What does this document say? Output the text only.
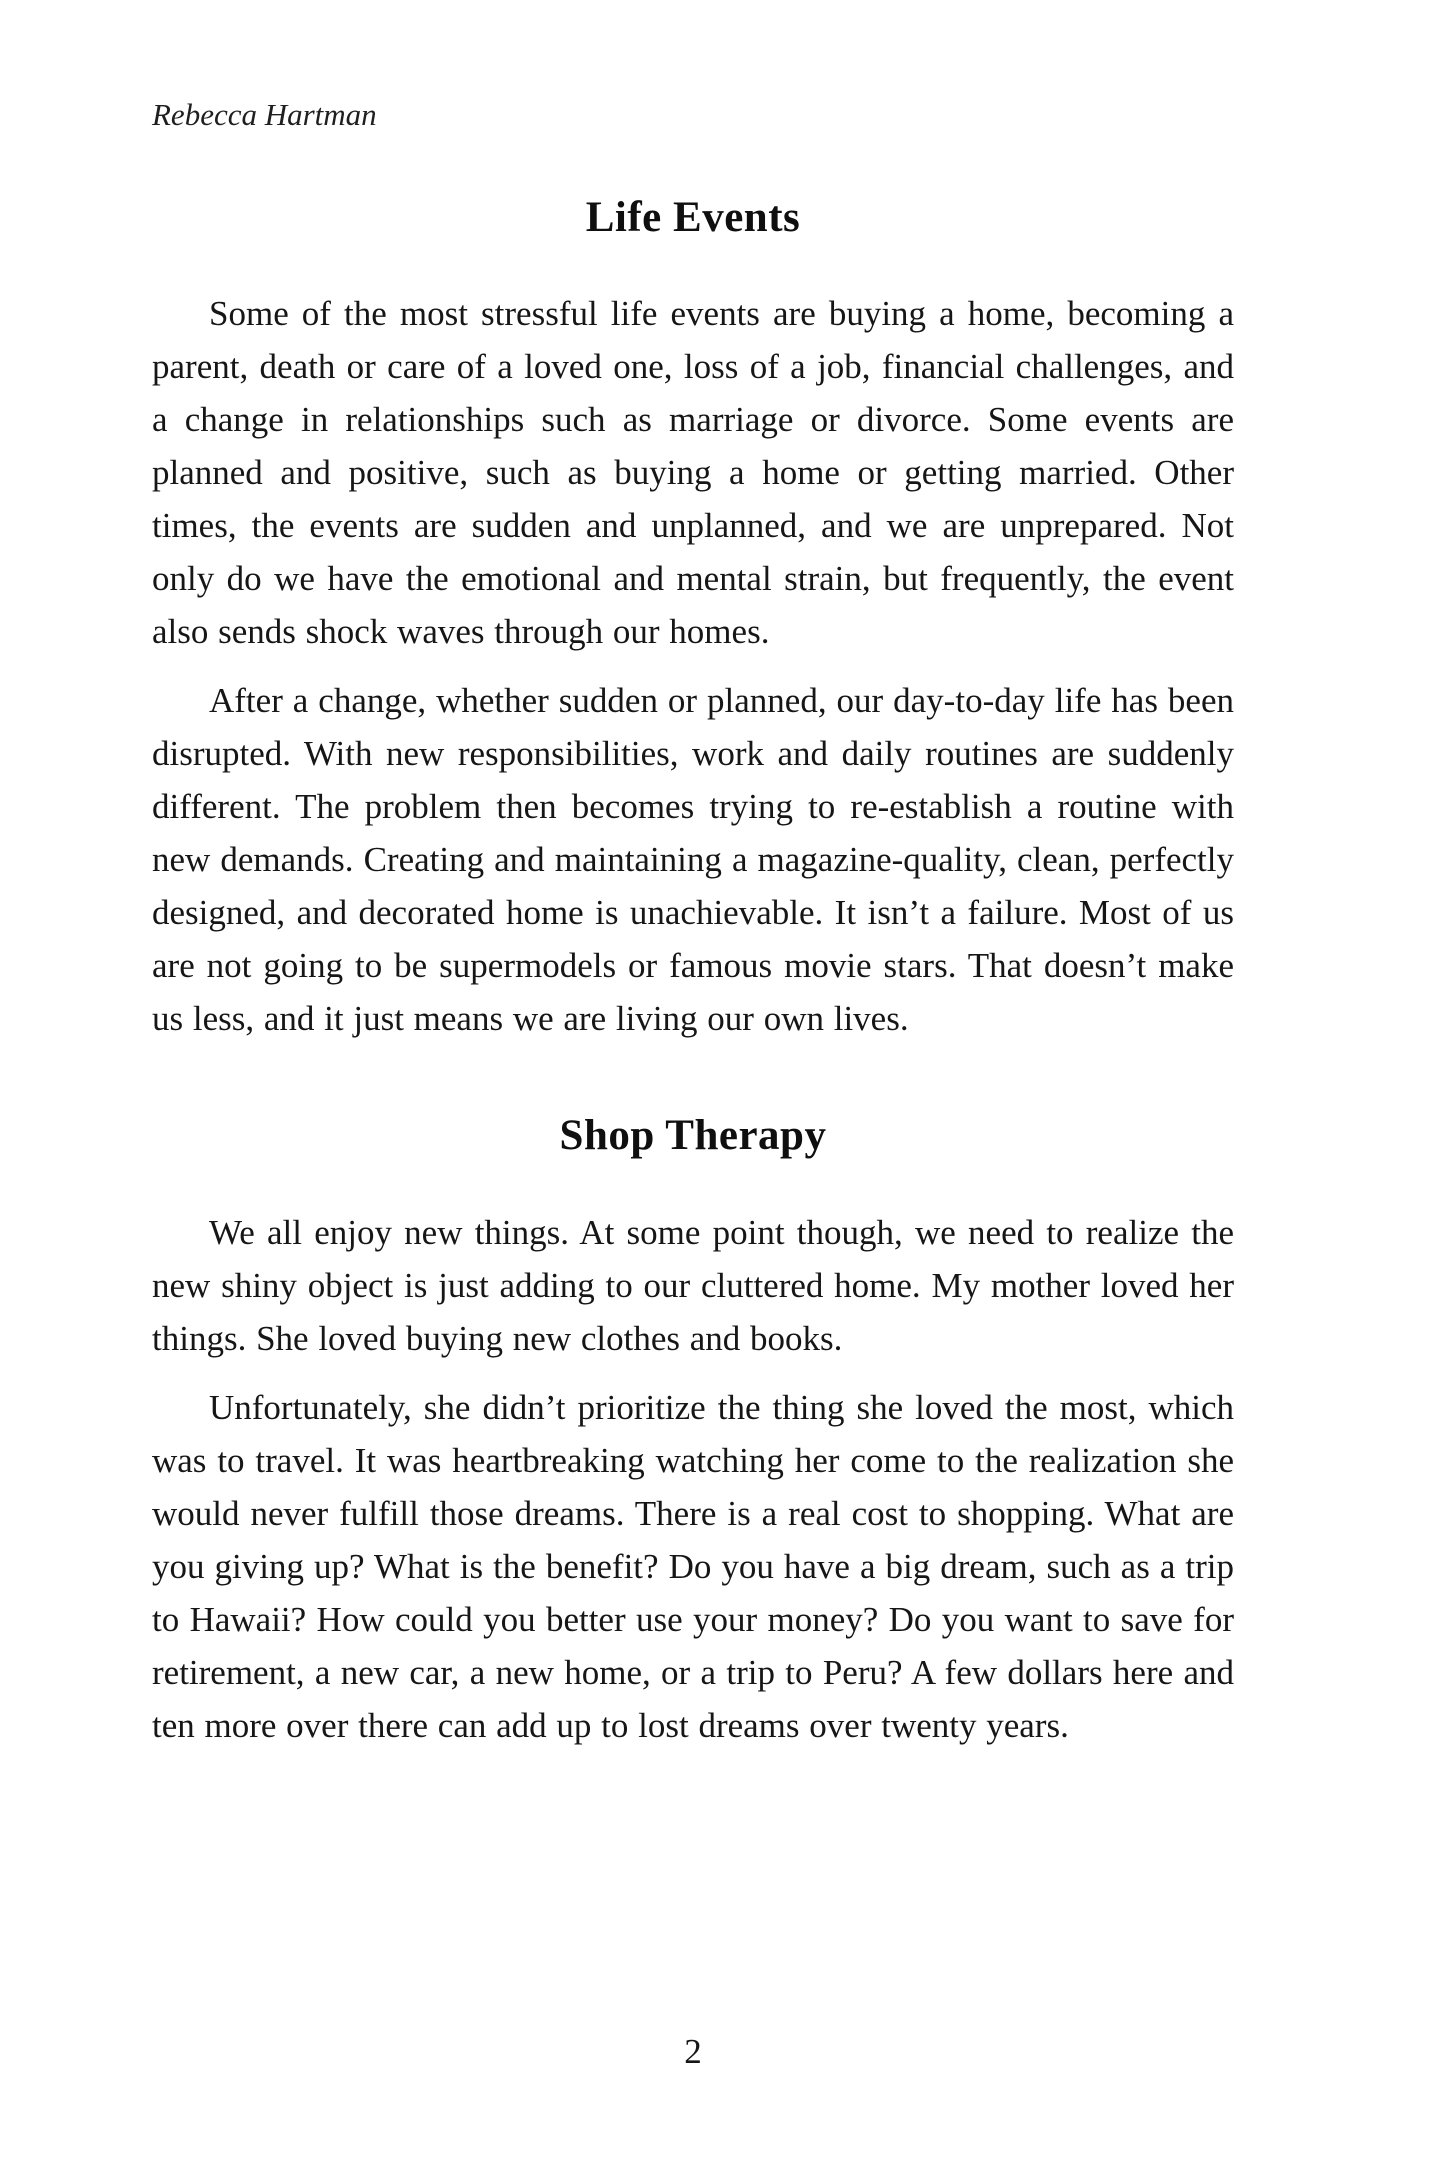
Rebecca Hartman
Life Events

Some of the most stressful life events are buying a home, becoming a parent, death or care of a loved one, loss of a job, financial challenges, and a change in relationships such as marriage or divorce. Some events are planned and positive, such as buying a home or getting married. Other times, the events are sudden and unplanned, and we are unprepared. Not only do we have the emotional and mental strain, but frequently, the event also sends shock waves through our homes.

After a change, whether sudden or planned, our day-to-day life has been disrupted. With new responsibilities, work and daily routines are suddenly different. The problem then becomes trying to re-establish a routine with new demands. Creating and maintaining a magazine-quality, clean, perfectly designed, and decorated home is unachievable. It isn’t a failure. Most of us are not going to be supermodels or famous movie stars. That doesn’t make us less, and it just means we are living our own lives.

Shop Therapy

We all enjoy new things. At some point though, we need to realize the new shiny object is just adding to our cluttered home. My mother loved her things. She loved buying new clothes and books.

Unfortunately, she didn’t prioritize the thing she loved the most, which was to travel. It was heartbreaking watching her come to the realization she would never fulfill those dreams. There is a real cost to shopping. What are you giving up? What is the benefit? Do you have a big dream, such as a trip to Hawaii? How could you better use your money? Do you want to save for retirement, a new car, a new home, or a trip to Peru? A few dollars here and ten more over there can add up to lost dreams over twenty years.

2
